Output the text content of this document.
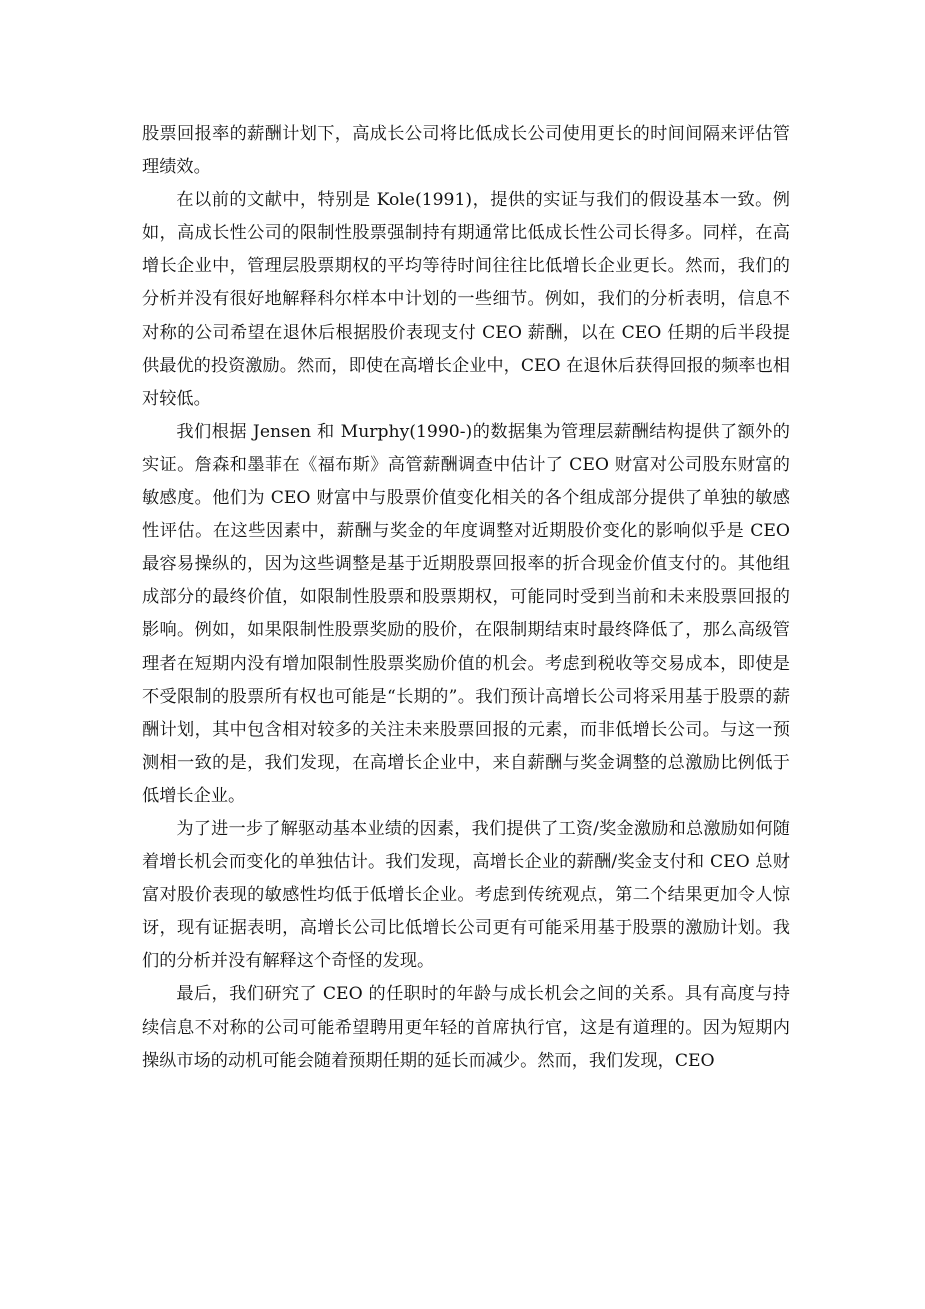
股票回报率的薪酬计划下，高成长公司将比低成长公司使用更长的时间间隔来评估管理绩效。

在以前的文献中，特别是 Kole(1991)，提供的实证与我们的假设基本一致。例如，高成长性公司的限制性股票强制持有期通常比低成长性公司长得多。同样，在高增长企业中，管理层股票期权的平均等待时间往往比低增长企业更长。然而，我们的分析并没有很好地解释科尔样本中计划的一些细节。例如，我们的分析表明，信息不对称的公司希望在退休后根据股价表现支付 CEO 薪酬，以在 CEO 任期的后半段提供最优的投资激励。然而，即使在高增长企业中，CEO 在退休后获得回报的频率也相对较低。

我们根据 Jensen 和 Murphy(1990-)的数据集为管理层薪酬结构提供了额外的实证。詹森和墨菲在《福布斯》高管薪酬调查中估计了 CEO 财富对公司股东财富的敏感度。他们为 CEO 财富中与股票价值变化相关的各个组成部分提供了单独的敏感性评估。在这些因素中，薪酬与奖金的年度调整对近期股价变化的影响似乎是 CEO 最容易操纵的，因为这些调整是基于近期股票回报率的折合现金价值支付的。其他组成部分的最终价值，如限制性股票和股票期权，可能同时受到当前和未来股票回报的影响。例如，如果限制性股票奖励的股价，在限制期结束时最终降低了，那么高级管理者在短期内没有增加限制性股票奖励价值的机会。考虑到税收等交易成本，即使是不受限制的股票所有权也可能是“长期的”。我们预计高增长公司将采用基于股票的薪酬计划，其中包含相对较多的关注未来股票回报的元素，而非低增长公司。与这一预测相一致的是，我们发现，在高增长企业中，来自薪酬与奖金调整的总激励比例低于低增长企业。

为了进一步了解驱动基本业绩的因素，我们提供了工资/奖金激励和总激励如何随着增长机会而变化的单独估计。我们发现，高增长企业的薪酬/奖金支付和 CEO 总财富对股价表现的敏感性均低于低增长企业。考虑到传统观点，第二个结果更加令人惊讶，现有证据表明，高增长公司比低增长公司更有可能采用基于股票的激励计划。我们的分析并没有解释这个奇怪的发现。

最后，我们研究了 CEO 的任职时的年龄与成长机会之间的关系。具有高度与持续信息不对称的公司可能希望聘用更年轻的首席执行官，这是有道理的。因为短期内操纵市场的动机可能会随着预期任期的延长而减少。然而，我们发现，CEO
